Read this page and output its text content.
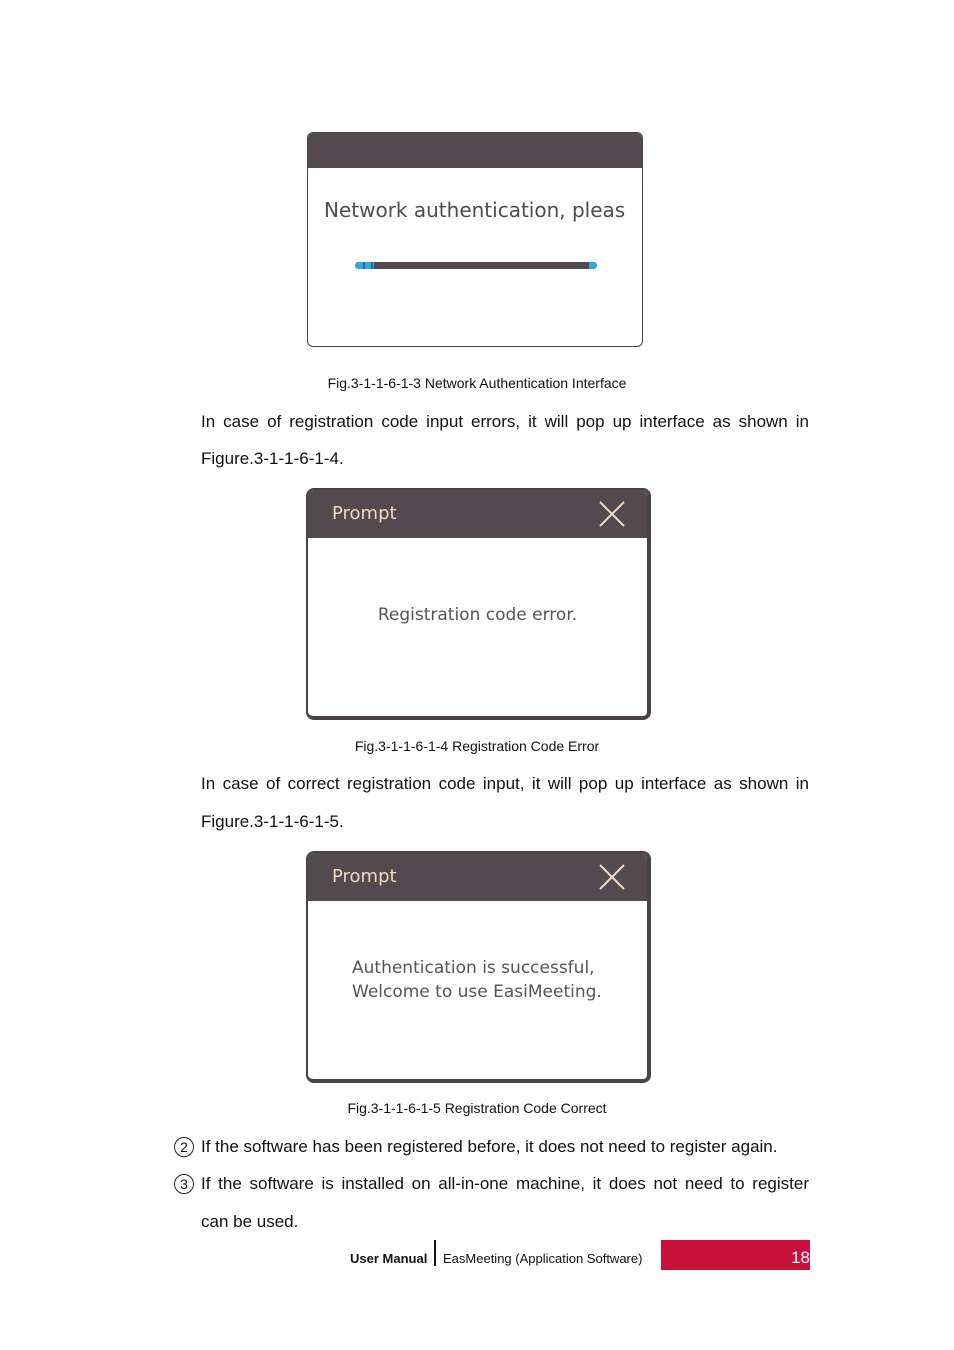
Network authentication, pleas
Fig.3-1-1-6-1-3 Network Authentication Interface
In case of registration code input errors, it will pop up interface as shown in
Figure.3-1-1-6-1-4.
Prompt
Registration code error.
Fig.3-1-1-6-1-4 Registration Code Error
In case of correct registration code input, it will pop up interface as shown in
Figure.3-1-1-6-1-5.
Prompt
Authentication is successful,
Welcome to use EasiMeeting.
Fig.3-1-1-6-1-5 Registration Code Correct
2 If the software has been registered before, it does not need to register again.
3 If the software is installed on all-in-one machine, it does not need to register
can be used.
User Manual EasMeeting (Application Software)	18
